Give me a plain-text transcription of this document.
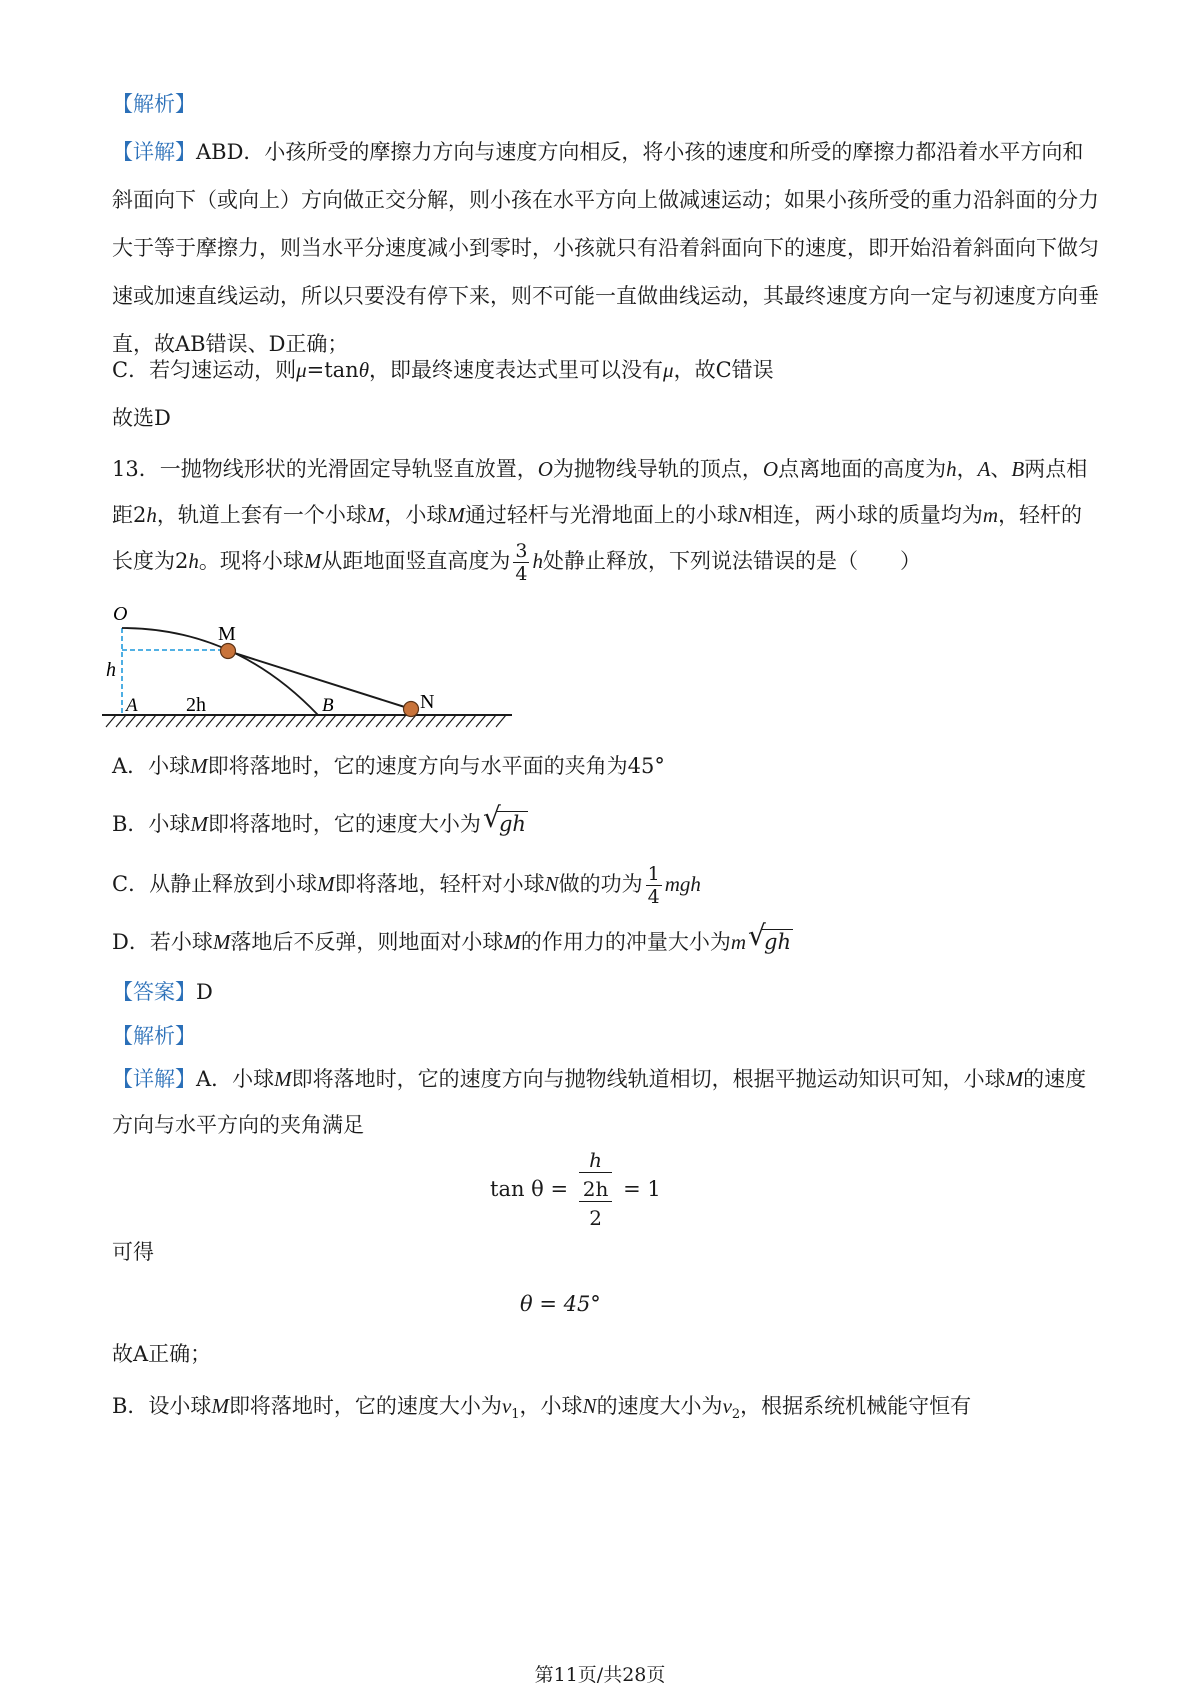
【解析】

【详解】ABD．小孩所受的摩擦力方向与速度方向相反，将小孩的速度和所受的摩擦力都沿着水平方向和斜面向下（或向上）方向做正交分解，则小孩在水平方向上做减速运动；如果小孩所受的重力沿斜面的分力大于等于摩擦力，则当水平分速度减小到零时，小孩就只有沿着斜面向下的速度，即开始沿着斜面向下做匀速或加速直线运动，所以只要没有停下来，则不可能一直做曲线运动，其最终速度方向一定与初速度方向垂直，故AB错误、D正确；

C．若匀速运动，则μ=tanθ，即最终速度表达式里可以没有μ，故C错误

故选D

13．一抛物线形状的光滑固定导轨竖直放置，O为抛物线导轨的顶点，O点离地面的高度为h，A、B两点相距2h，轨道上套有一个小球M，小球M通过轻杆与光滑地面上的小球N相连，两小球的质量均为m，轻杆的长度为2h。现将小球M从距地面竖直高度为 $\frac{3}{4}$ h处静止释放，下列说法错误的是（　　）

O
M
h
A 2h	B	N

A．小球M即将落地时，它的速度方向与水平面的夹角为45°

B．小球M即将落地时，它的速度大小为 √
gh

C．从静止释放到小球M即将落地，轻杆对小球N做的功为 $\frac{1}{4}$ mgh

D．若小球M落地后不反弹，则地面对小球M的作用力的冲量大小为m √
gh

【答案】D

【解析】

【详解】A．小球M即将落地时，它的速度方向与抛物线轨道相切，根据平抛运动知识可知，小球M的速度方向与水平方向的夹角满足

tan θ = h
2h
2 = 1

可得

θ = 45°

故A正确；

B．设小球M即将落地时，它的速度大小为$v_1$，小球N的速度大小为$v_2$，根据系统机械能守恒有

第11页/共28页
